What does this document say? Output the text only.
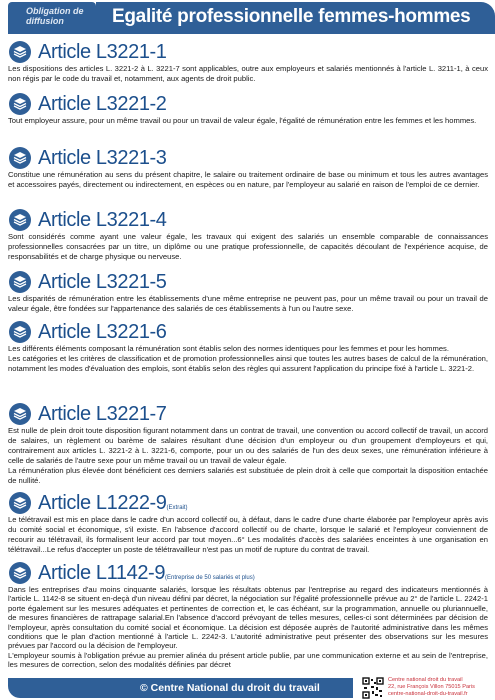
Obligation de diffusion	Egalité professionnelle femmes-hommes
Article L3221-1

Les dispositions des articles L. 3221-2 à L. 3221-7 sont applicables, outre aux employeurs et salariés mentionnés à l'article L. 3211-1, à ceux non régis par le code du travail et, notamment, aux agents de droit public.

Article L3221-2

Tout employeur assure, pour un même travail ou pour un travail de valeur égale, l'égalité de rémunération entre les femmes et les hommes.

Article L3221-3

Constitue une rémunération au sens du présent chapitre, le salaire ou traitement ordinaire de base ou minimum et tous les autres avantages et accessoires payés, directement ou indirectement, en espèces ou en nature, par l'employeur au salarié en raison de l'emploi de ce dernier.

Article L3221-4

Sont considérés comme ayant une valeur égale, les travaux qui exigent des salariés un ensemble comparable de connaissances professionnelles consacrées par un titre, un diplôme ou une pratique professionnelle, de capacités découlant de l'expérience acquise, de responsabilités et de charge physique ou nerveuse.

Article L3221-5

Les disparités de rémunération entre les établissements d'une même entreprise ne peuvent pas, pour un même travail ou pour un travail de valeur égale, être fondées sur l'appartenance des salariés de ces établissements à l'un ou l'autre sexe.

Article L3221-6

Les différents éléments composant la rémunération sont établis selon des normes identiques pour les femmes et pour les hommes.

Les catégories et les critères de classification et de promotion professionnelles ainsi que toutes les autres bases de calcul de la rémunération, notamment les modes d'évaluation des emplois, sont établis selon des règles qui assurent l'application du principe fixé à l'article L. 3221-2.

Article L3221-7

Est nulle de plein droit toute disposition figurant notamment dans un contrat de travail, une convention ou accord collectif de travail, un accord de salaires, un règlement ou barème de salaires résultant d'une décision d'un employeur ou d'un groupement d'employeurs et qui, contrairement aux articles L. 3221-2 à L. 3221-6, comporte, pour un ou des salariés de l'un des deux sexes, une rémunération inférieure à celle de salariés de l'autre sexe pour un même travail ou un travail de valeur égale.

La rémunération plus élevée dont bénéficient ces derniers salariés est substituée de plein droit à celle que comportait la disposition entachée de nullité.

Article L1222-9(Extrait)

Le télétravail est mis en place dans le cadre d'un accord collectif ou, à défaut, dans le cadre d'une charte élaborée par l'employeur après avis du comité social et économique, s'il existe. En l'absence d'accord collectif ou de charte, lorsque le salarié et l'employeur conviennent de recourir au télétravail, ils formalisent leur accord par tout moyen...6° Les modalités d'accès des salariées enceintes à une organisation en télétravail...Le refus d'accepter un poste de télétravailleur n'est pas un motif de rupture du contrat de travail.

Article L1142-9(Entreprise de 50 salariés et plus)

Dans les entreprises d'au moins cinquante salariés, lorsque les résultats obtenus par l'entreprise au regard des indicateurs mentionnés à l'article L. 1142-8 se situent en-deçà d'un niveau défini par décret, la négociation sur l'égalité professionnelle prévue au 2° de l'article L. 2242-1 porte également sur les mesures adéquates et pertinentes de correction et, le cas échéant, sur la programmation, annuelle ou pluriannuelle, de mesures financières de rattrapage salarial.En l'absence d'accord prévoyant de telles mesures, celles-ci sont déterminées par décision de l'employeur, après consultation du comité social et économique. La décision est déposée auprès de l'autorité administrative dans les mêmes conditions que le plan d'action mentionné à l'article L. 2242-3. L'autorité administrative peut présenter des observations sur les mesures prévues par l'accord ou la décision de l'employeur.

L'employeur soumis à l'obligation prévue au premier alinéa du présent article publie, par une communication externe et au sein de l'entreprise, les mesures de correction, selon des modalités définies par décret

© Centre National du droit du travail
Centre national droit du travail
22, rue François Villon 75015 Paris
centre-national-droit-du-travail.fr
